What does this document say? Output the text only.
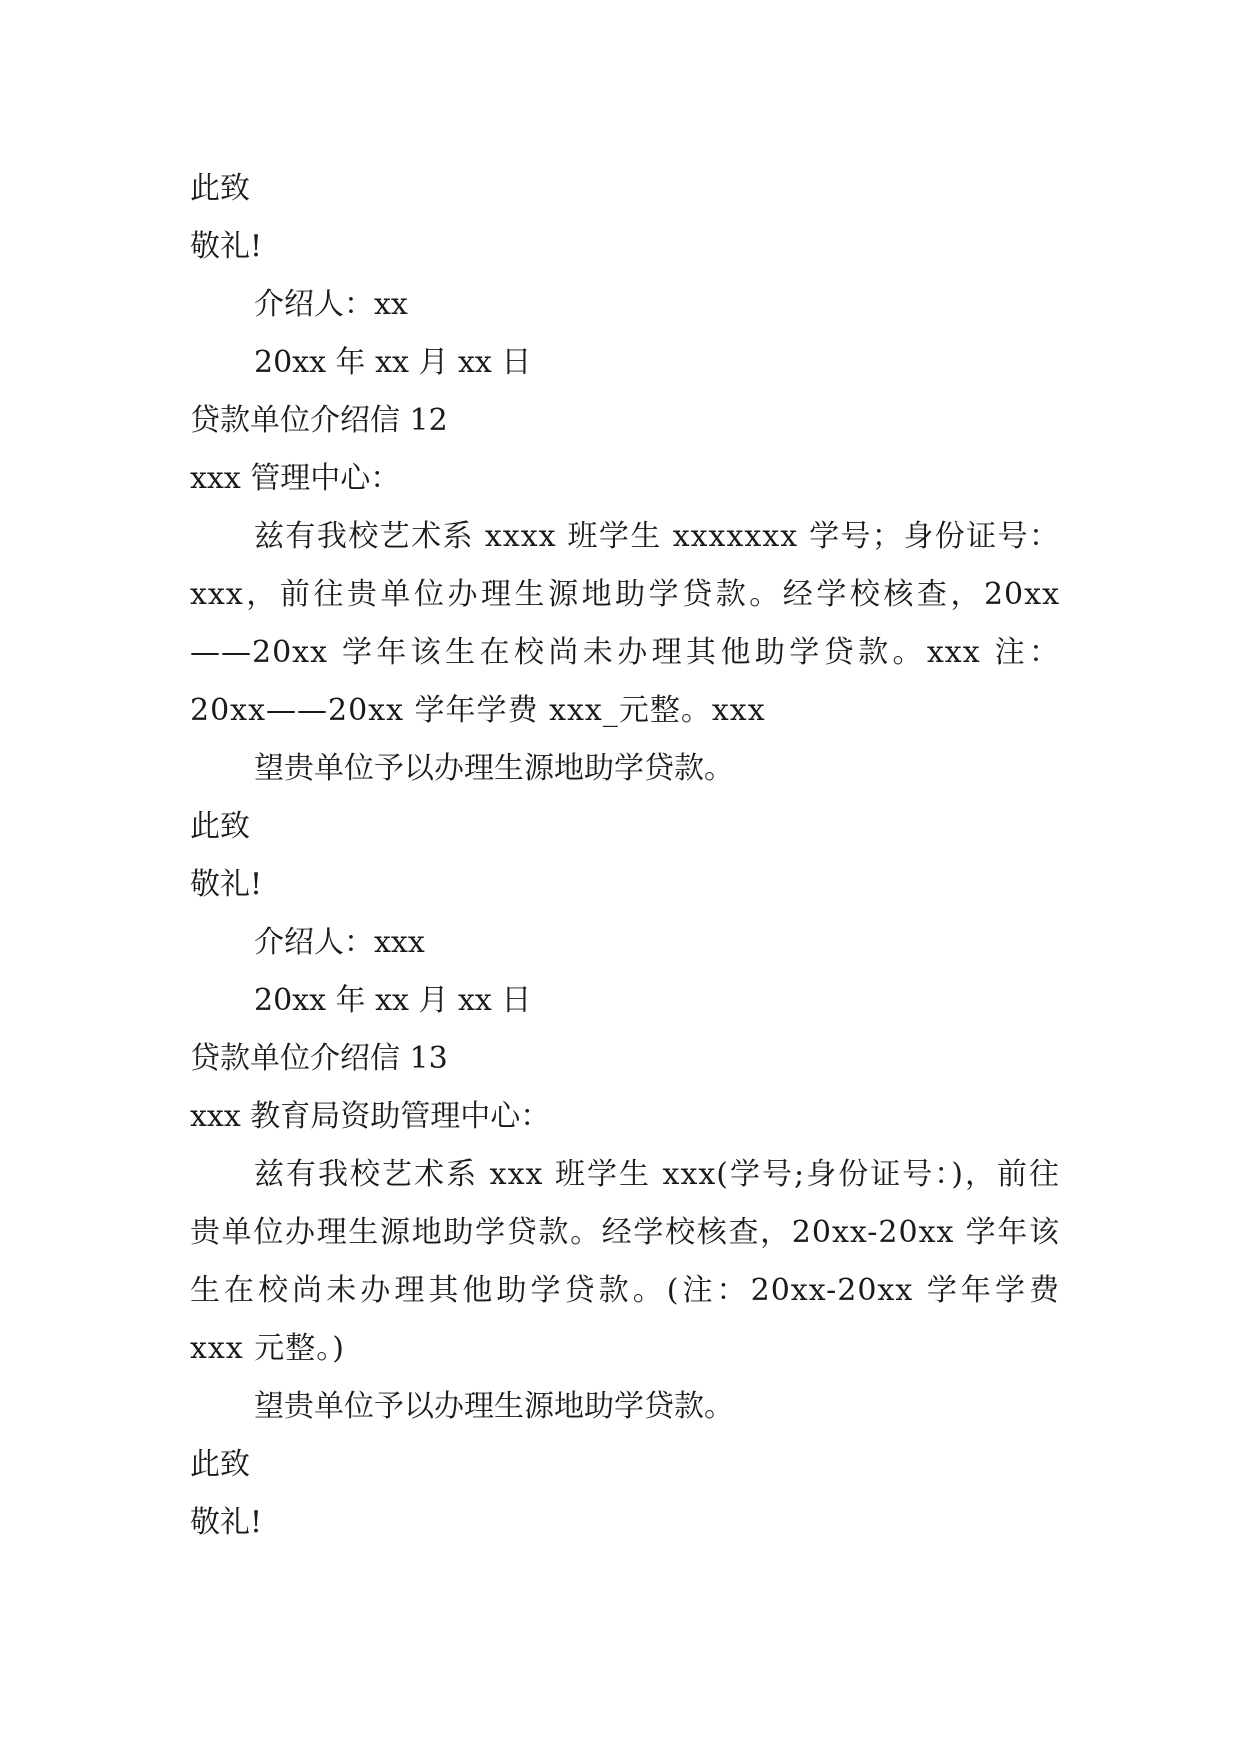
此致

敬礼!

介绍人：xx

20xx 年 xx 月 xx 日

贷款单位介绍信 12

xxx 管理中心：

兹有我校艺术系 xxxx 班学生 xxxxxxx 学号；身份证号：xxx，前往贵单位办理生源地助学贷款。经学校核查，20xx——20xx 学年该生在校尚未办理其他助学贷款。xxx 注：20xx——20xx 学年学费 xxx_元整。xxx

望贵单位予以办理生源地助学贷款。

此致

敬礼!

介绍人：xxx

20xx 年 xx 月 xx 日

贷款单位介绍信 13

xxx 教育局资助管理中心：

兹有我校艺术系 xxx 班学生 xxx(学号;身份证号：)，前往贵单位办理生源地助学贷款。经学校核查，20xx-20xx 学年该生在校尚未办理其他助学贷款。(注：20xx-20xx 学年学费 xxx 元整。)

望贵单位予以办理生源地助学贷款。

此致

敬礼!
